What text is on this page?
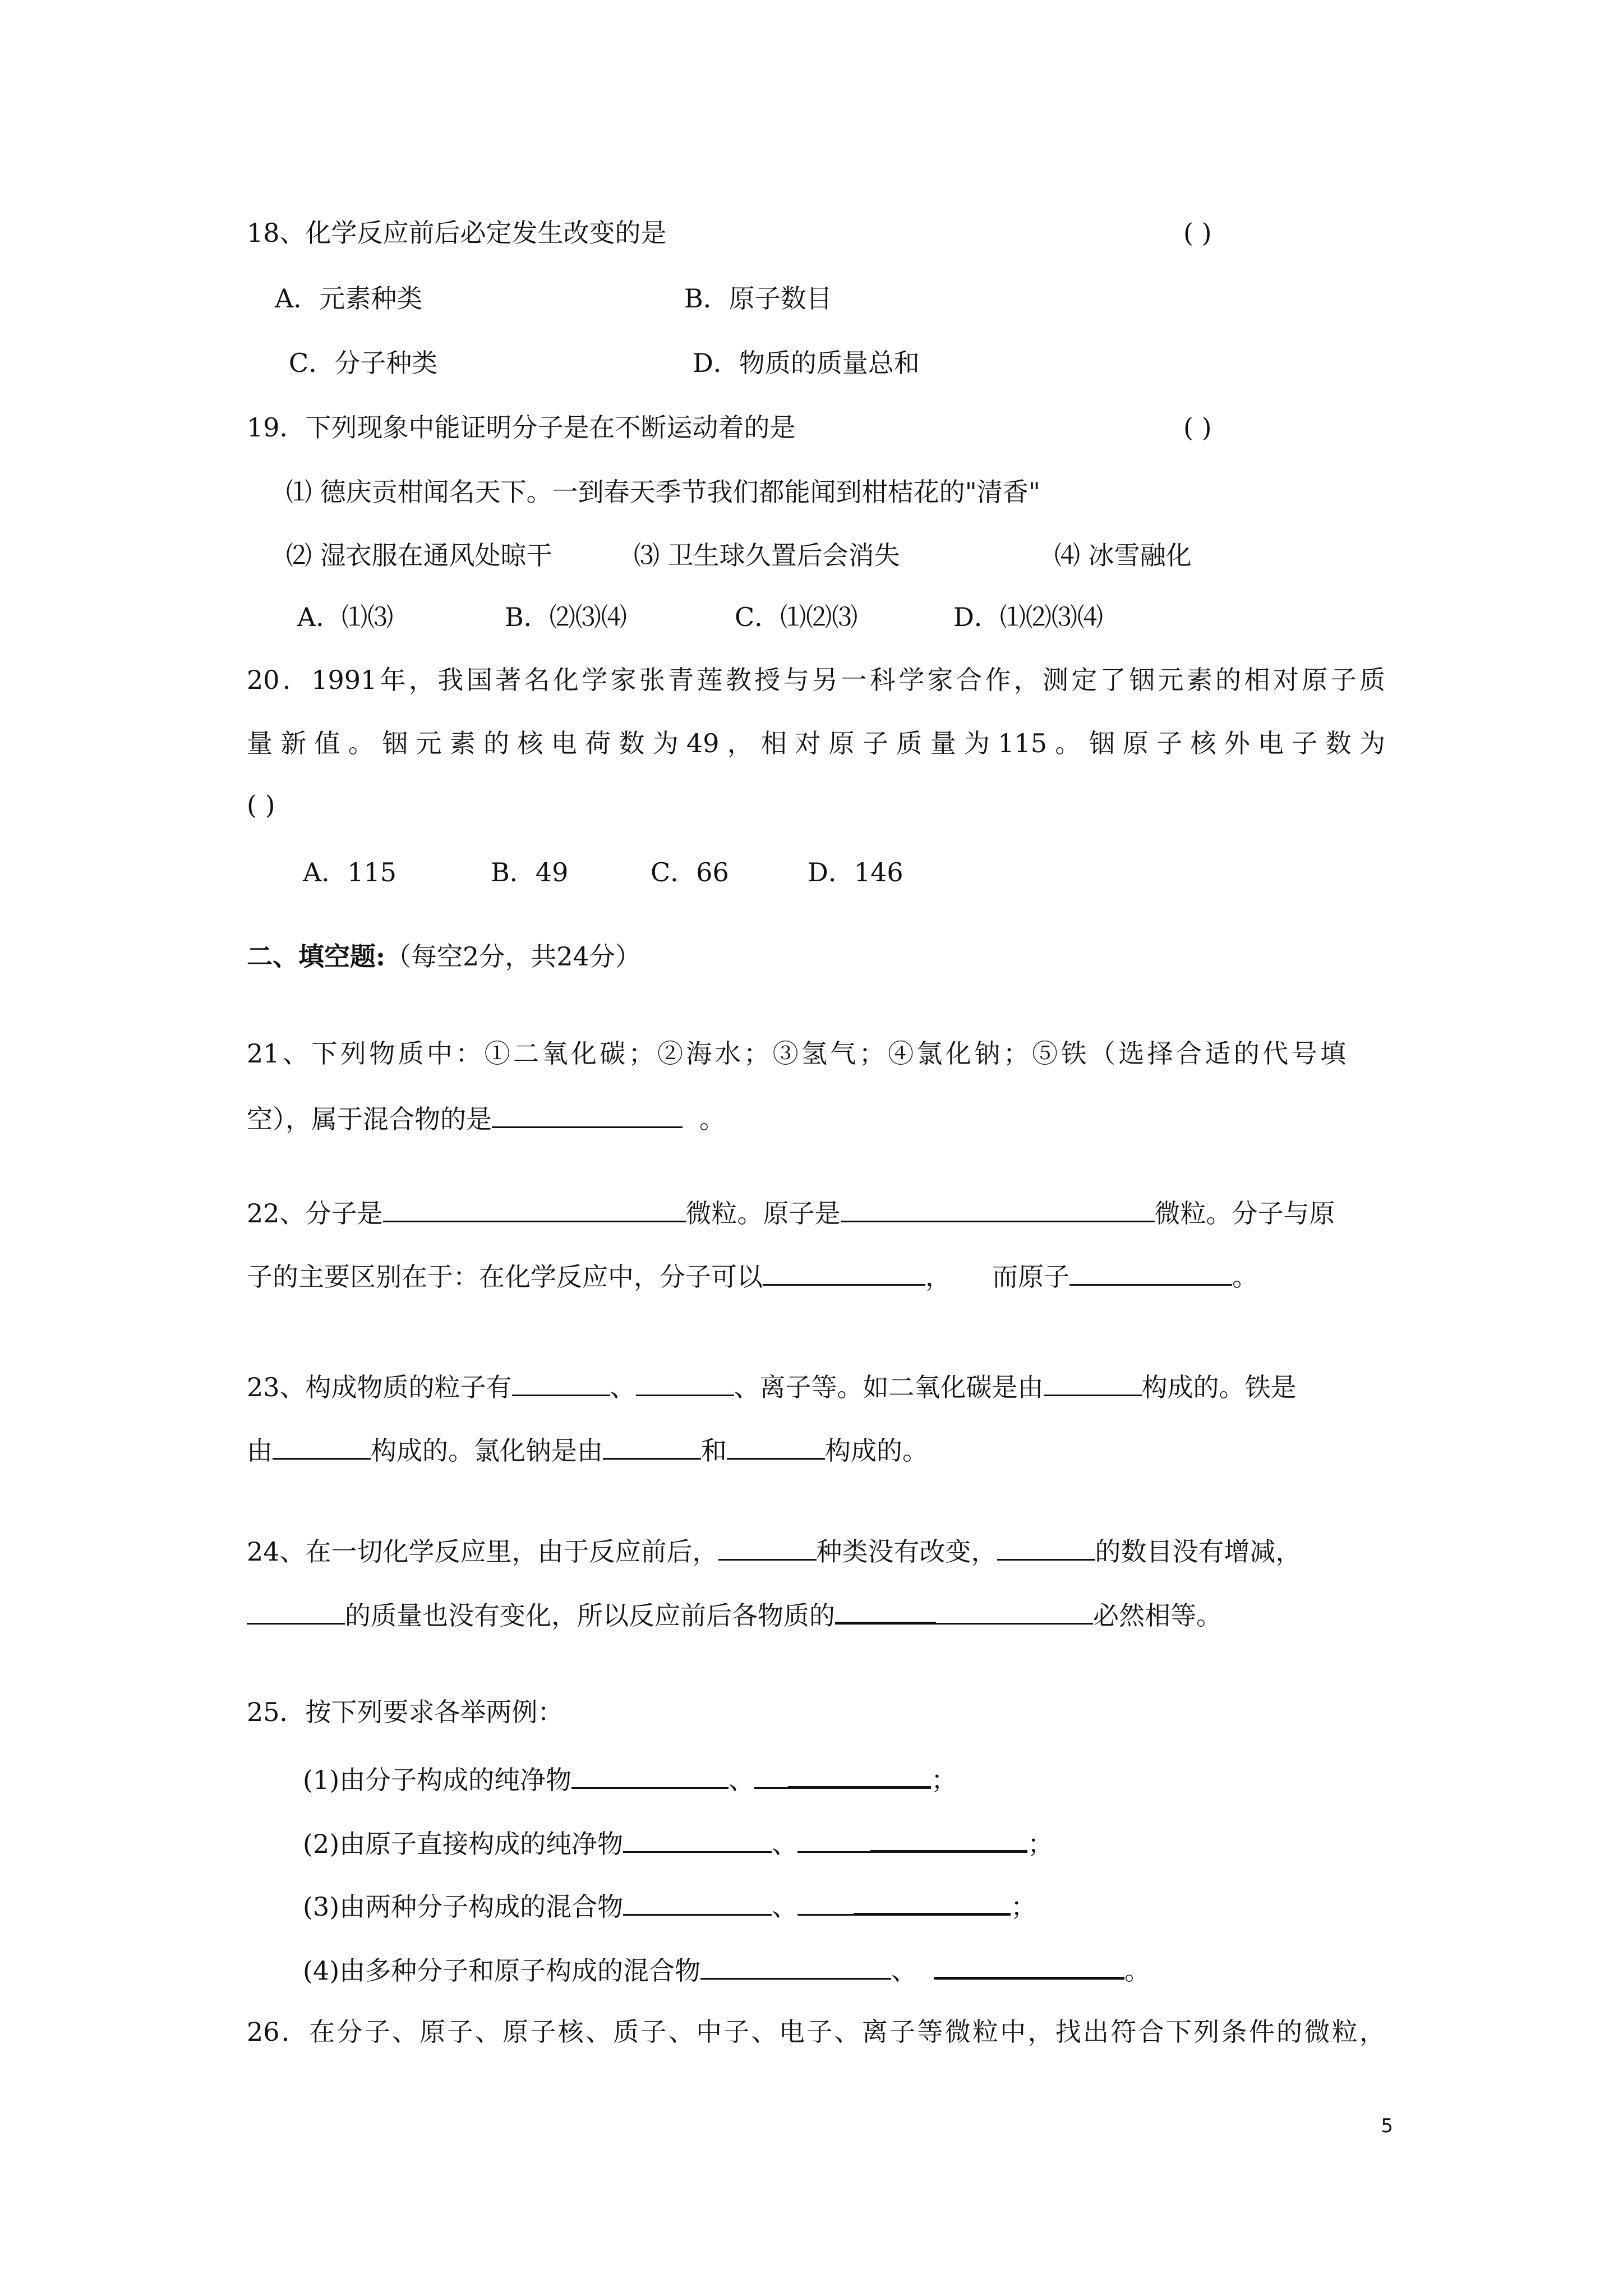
18、化学反应前后必定发生改变的是	( )
A．元素种类	B．原子数目
C．分子种类	D．物质的质量总和
19．下列现象中能证明分子是在不断运动着的是	( )
⑴ 德庆贡柑闻名天下。一到春天季节我们都能闻到柑桔花的"清香"
⑵ 湿衣服在通风处晾干	⑶ 卫生球久置后会消失	⑷ 冰雪融化
A．⑴⑶	B．⑵⑶⑷	C．⑴⑵⑶	D．⑴⑵⑶⑷
20．1991年，我国著名化学家张青莲教授与另一科学家合作，测定了铟元素的相对原子质
量新值。铟元素的核电荷数为49，相对原子质量为115。铟原子核外电子数为
( )
A．115	B．49	C．66	D．146
二、填空题:（每空2分，共24分）
21、下列物质中：①二氧化碳；②海水；③氢气；④氯化钠；⑤铁（选择合适的代号填
空），属于混合物的是	。
22、分子是	微粒。原子是	微粒。分子与原
子的主要区别在于：在化学反应中，分子可以	，     而原子	。
23、构成物质的粒子有	、	、离子等。如二氧化碳是由	构成的。铁是
由	构成的。氯化钠是由	和	构成的。
24、在一切化学反应里，由于反应前后，	种类没有改变，	的数目没有增减，
的质量也没有变化，所以反应前后各物质的	必然相等。
25．按下列要求各举两例：
(1)由分子构成的纯净物	、	；
(2)由原子直接构成的纯净物	、	；
(3)由两种分子构成的混合物	、	；
(4)由多种分子和原子构成的混合物	、	。
26．在分子、原子、原子核、质子、中子、电子、离子等微粒中，找出符合下列条件的微粒，
5
